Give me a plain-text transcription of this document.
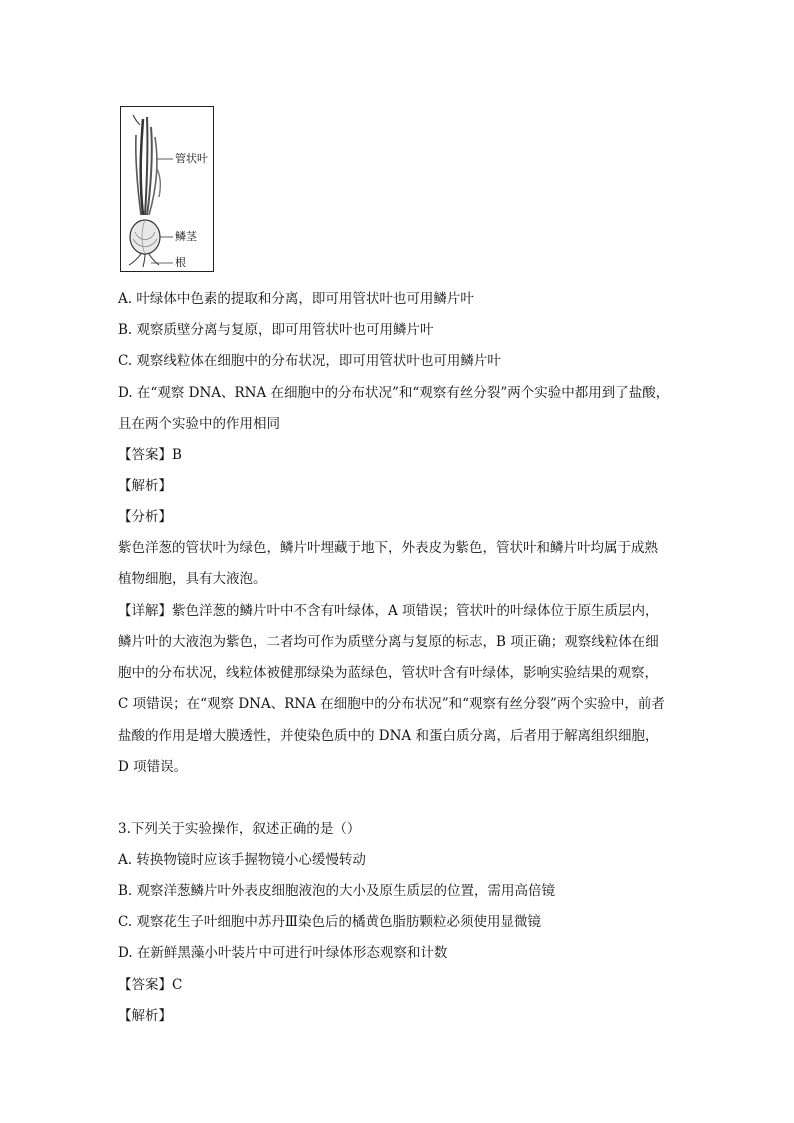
管状叶
鳞茎
根
A. 叶绿体中色素的提取和分离，即可用管状叶也可用鳞片叶
B. 观察质壁分离与复原，即可用管状叶也可用鳞片叶
C. 观察线粒体在细胞中的分布状况，即可用管状叶也可用鳞片叶
D. 在“观察 DNA、RNA 在细胞中的分布状况”和“观察有丝分裂”两个实验中都用到了盐酸，
且在两个实验中的作用相同
【答案】B
【解析】
【分析】
紫色洋葱的管状叶为绿色，鳞片叶埋藏于地下，外表皮为紫色，管状叶和鳞片叶均属于成熟
植物细胞，具有大液泡。
【详解】紫色洋葱的鳞片叶中不含有叶绿体，A 项错误；管状叶的叶绿体位于原生质层内，
鳞片叶的大液泡为紫色，二者均可作为质壁分离与复原的标志，B 项正确；观察线粒体在细
胞中的分布状况，线粒体被健那绿染为蓝绿色，管状叶含有叶绿体，影响实验结果的观察，
C 项错误；在“观察 DNA、RNA 在细胞中的分布状况”和“观察有丝分裂”两个实验中，前者
盐酸的作用是增大膜透性，并使染色质中的 DNA 和蛋白质分离，后者用于解离组织细胞，
D 项错误。
3.下列关于实验操作，叙述正确的是（）
A. 转换物镜时应该手握物镜小心缓慢转动
B. 观察洋葱鳞片叶外表皮细胞液泡的大小及原生质层的位置，需用高倍镜
C. 观察花生子叶细胞中苏丹Ⅲ染色后的橘黄色脂肪颗粒必须使用显微镜
D. 在新鲜黑藻小叶装片中可进行叶绿体形态观察和计数
【答案】C
【解析】
